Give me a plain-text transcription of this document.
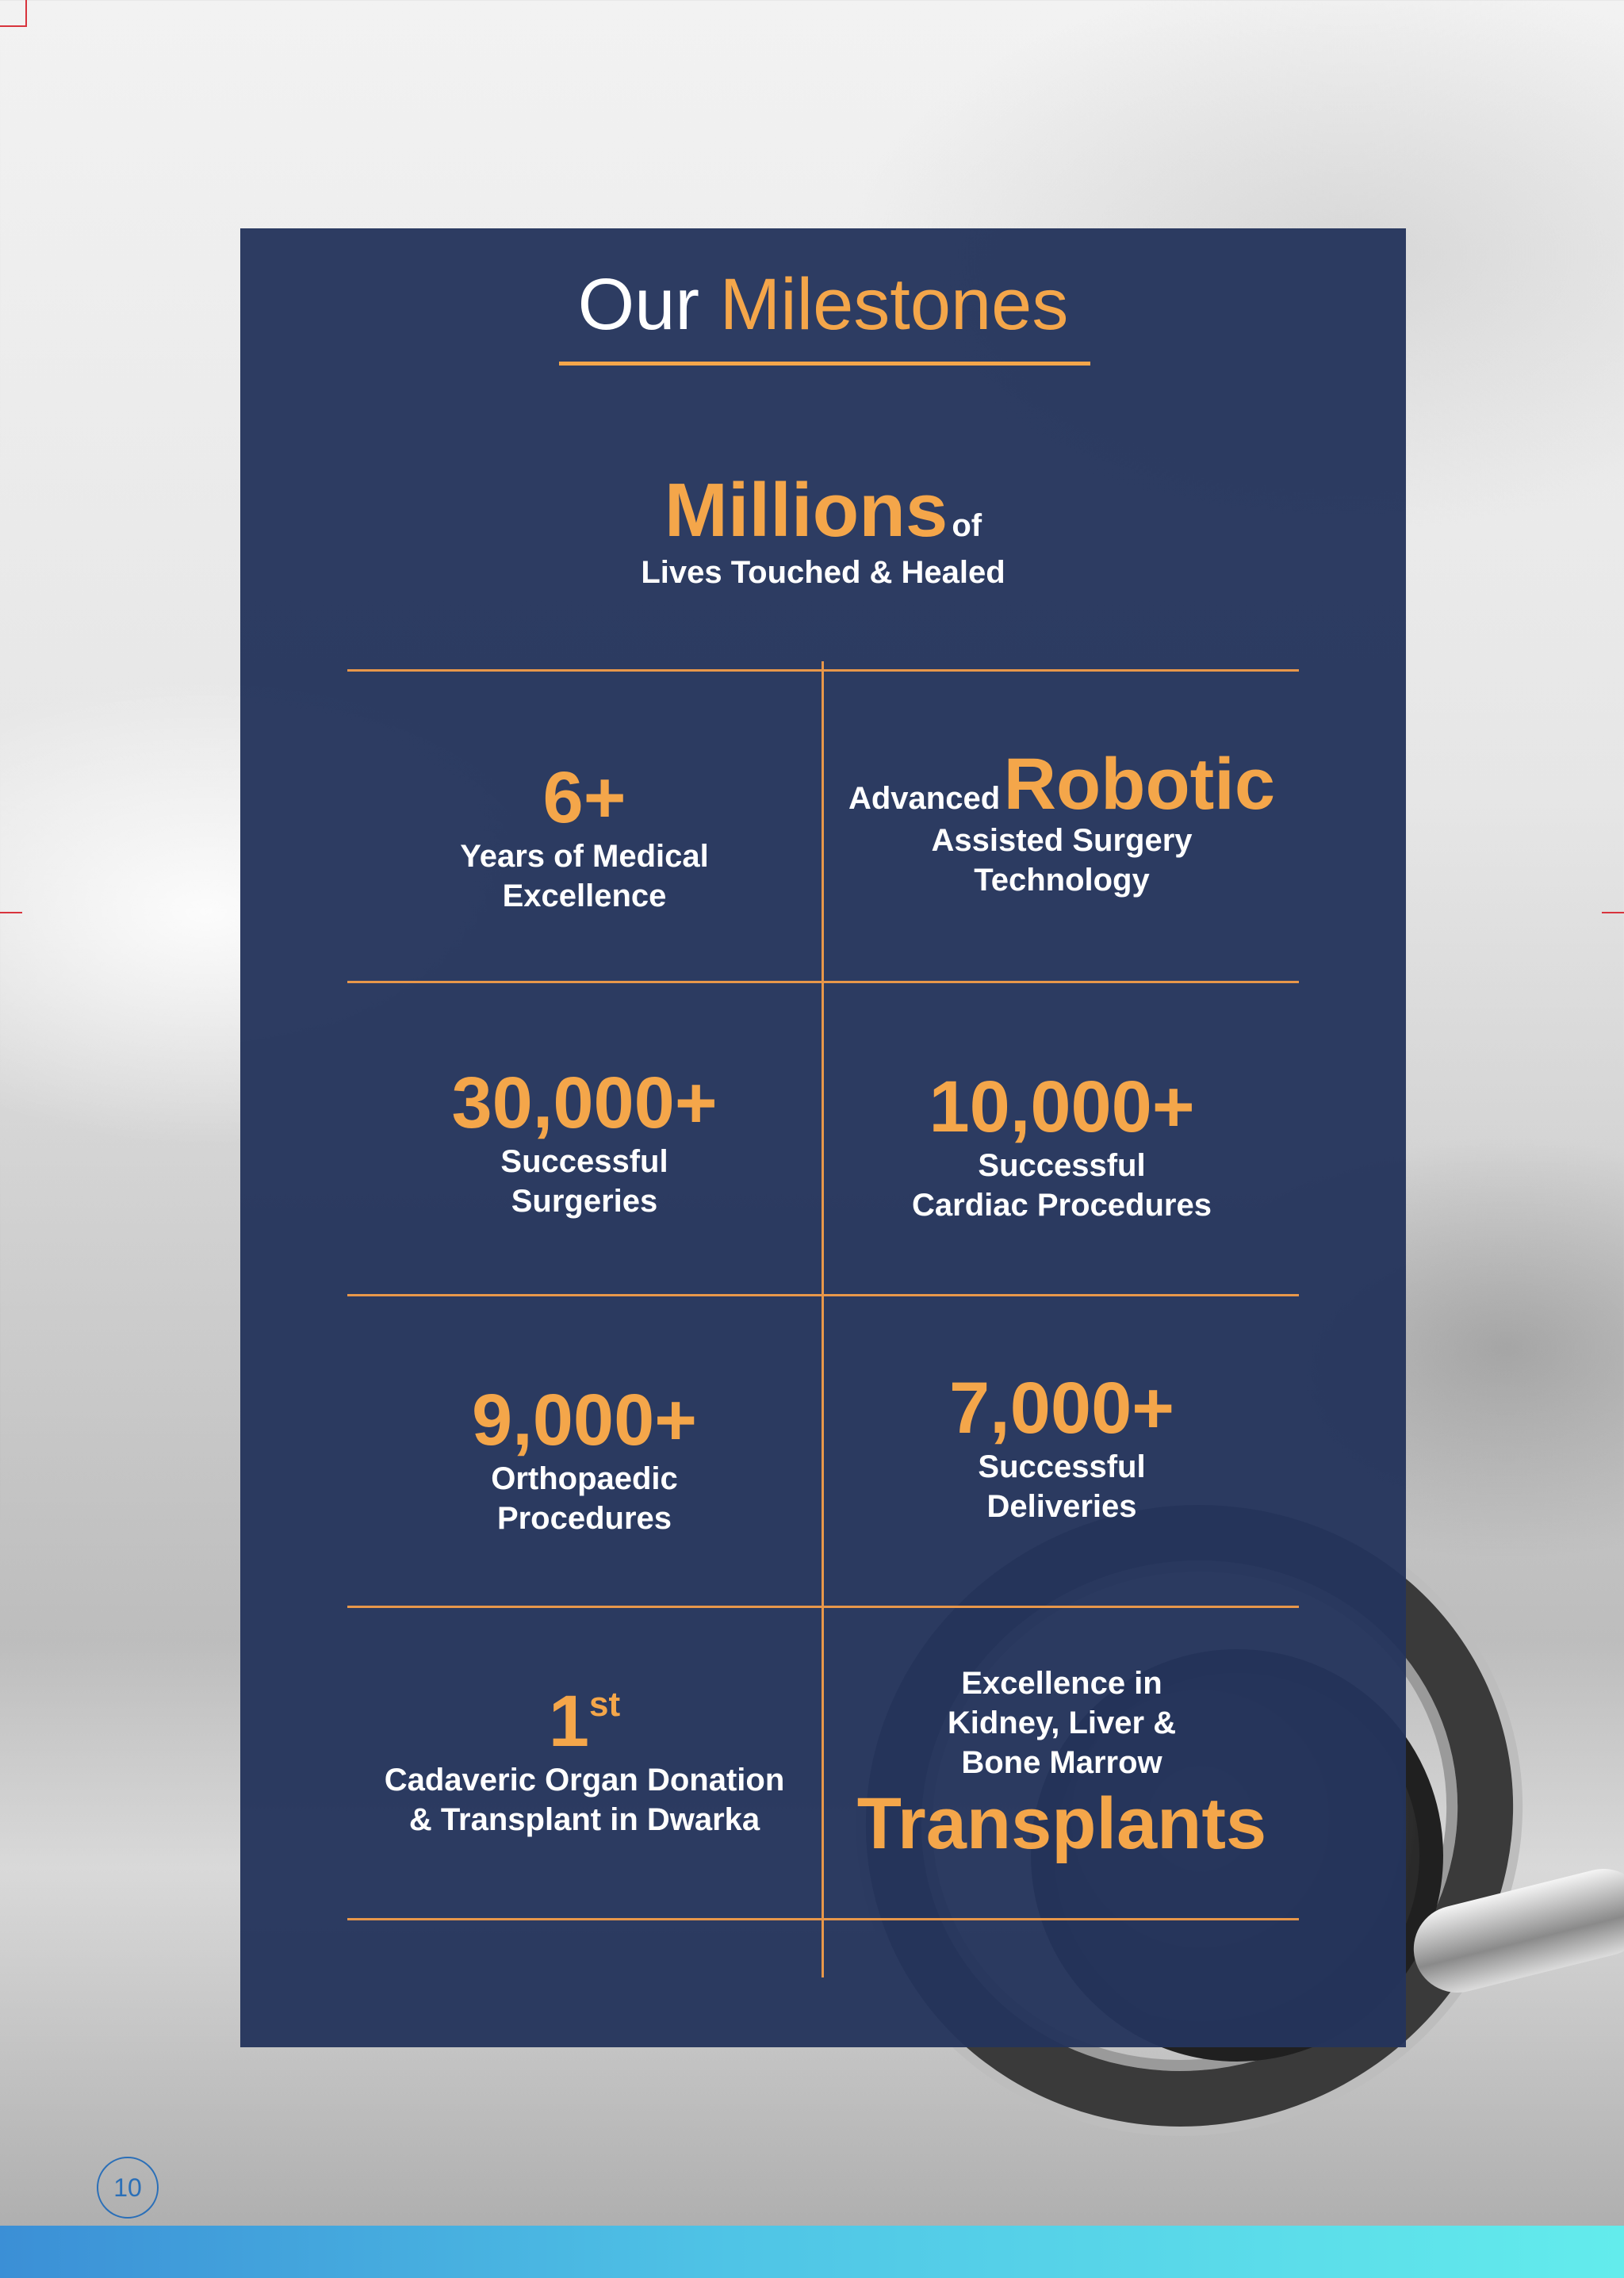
Our Milestones
Millions of
Lives Touched & Healed
6+
Years of Medical
Excellence
Advanced Robotic
Assisted Surgery
Technology
30,000+
Successful
Surgeries
10,000+
Successful
Cardiac Procedures
9,000+
Orthopaedic
Procedures
7,000+
Successful
Deliveries
1st
Cadaveric Organ Donation
& Transplant in Dwarka
Excellence in
Kidney, Liver &
Bone Marrow
Transplants
10
